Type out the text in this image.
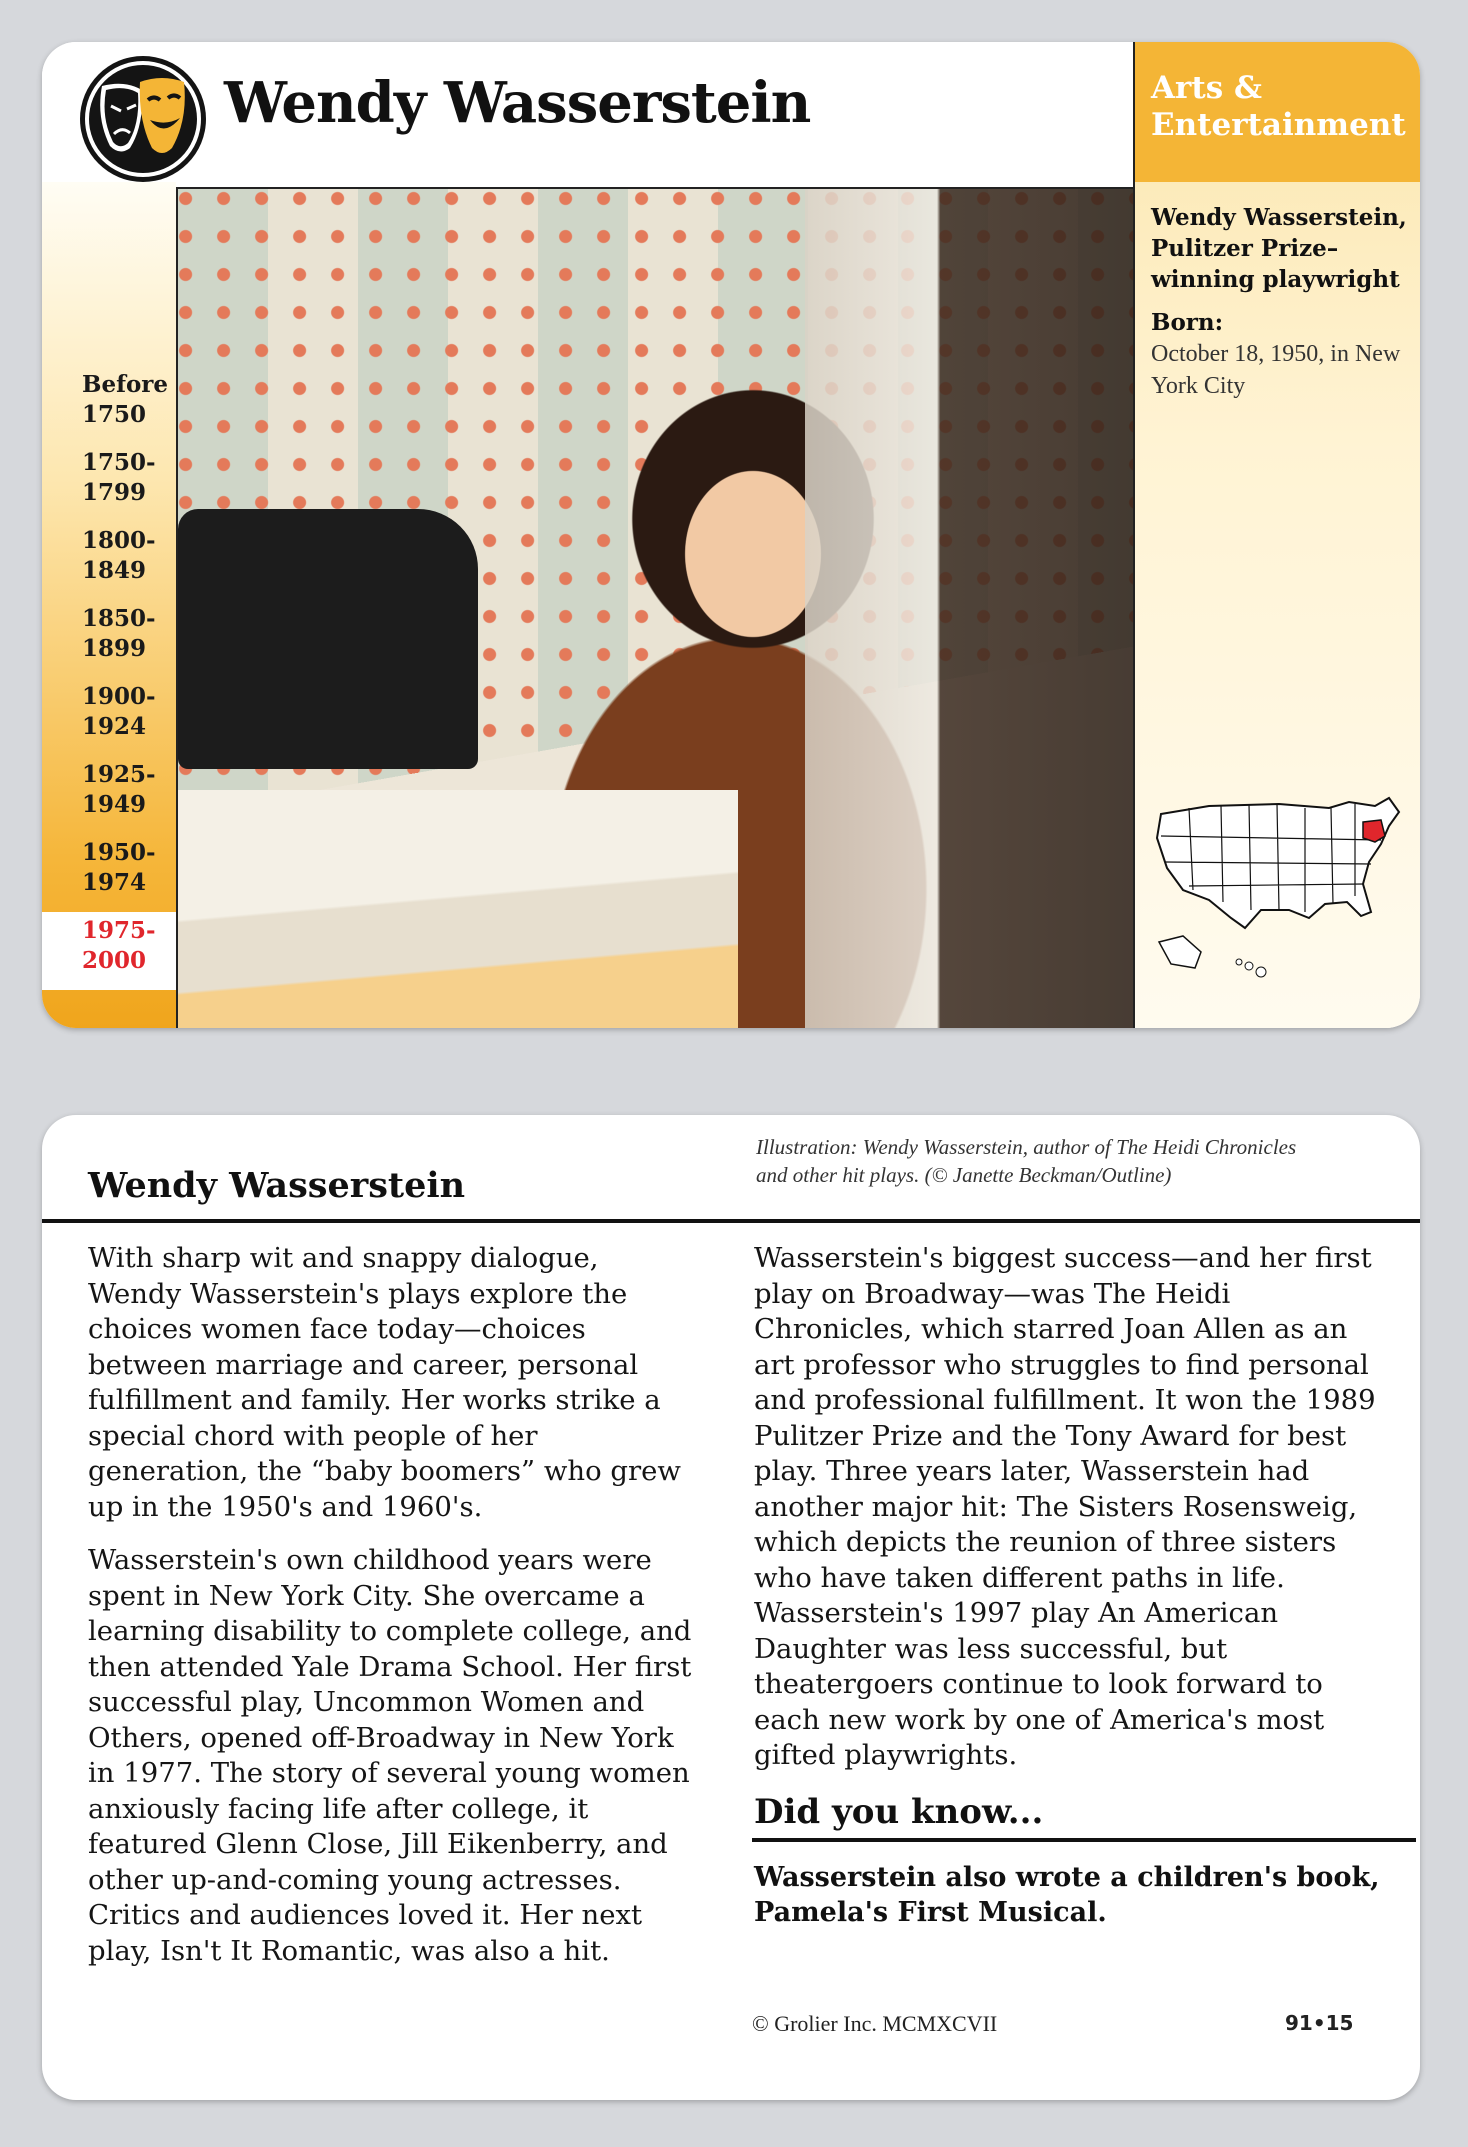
Wendy Wasserstein
Before
1750
1750-
1799
1800-
1849
1850-
1899
1900-
1924
1925-
1949
1950-
1974
1975-
2000
Arts &
Entertainment
Wendy Wasserstein, Pulitzer Prize–winning playwright
Born:
October 18, 1950, in New York City
Wendy Wasserstein
Illustration: Wendy Wasserstein, author of The Heidi Chronicles and other hit plays. (© Janette Beckman/Outline)

With sharp wit and snappy dialogue, Wendy Wasserstein's plays explore the choices women face today—choices between marriage and career, personal fulfillment and family. Her works strike a special chord with people of her generation, the “baby boomers” who grew up in the 1950's and 1960's.

Wasserstein's own childhood years were spent in New York City. She overcame a learning disability to complete college, and then attended Yale Drama School. Her first successful play, Uncommon Women and Others, opened off-Broadway in New York in 1977. The story of several young women anxiously facing life after college, it featured Glenn Close, Jill Eikenberry, and other up-and-coming young actresses. Critics and audiences loved it. Her next play, Isn't It Romantic, was also a hit.

Wasserstein's biggest success—and her first play on Broadway—was The Heidi Chronicles, which starred Joan Allen as an art professor who struggles to find personal and professional fulfillment. It won the 1989 Pulitzer Prize and the Tony Award for best play. Three years later, Wasserstein had another major hit: The Sisters Rosensweig, which depicts the reunion of three sisters who have taken different paths in life. Wasserstein's 1997 play An American Daughter was less successful, but theatergoers continue to look forward to each new work by one of America's most gifted playwrights.

Did you know...
Wasserstein also wrote a children's book, Pamela's First Musical.
© Grolier Inc. MCMXCVII	91•15
